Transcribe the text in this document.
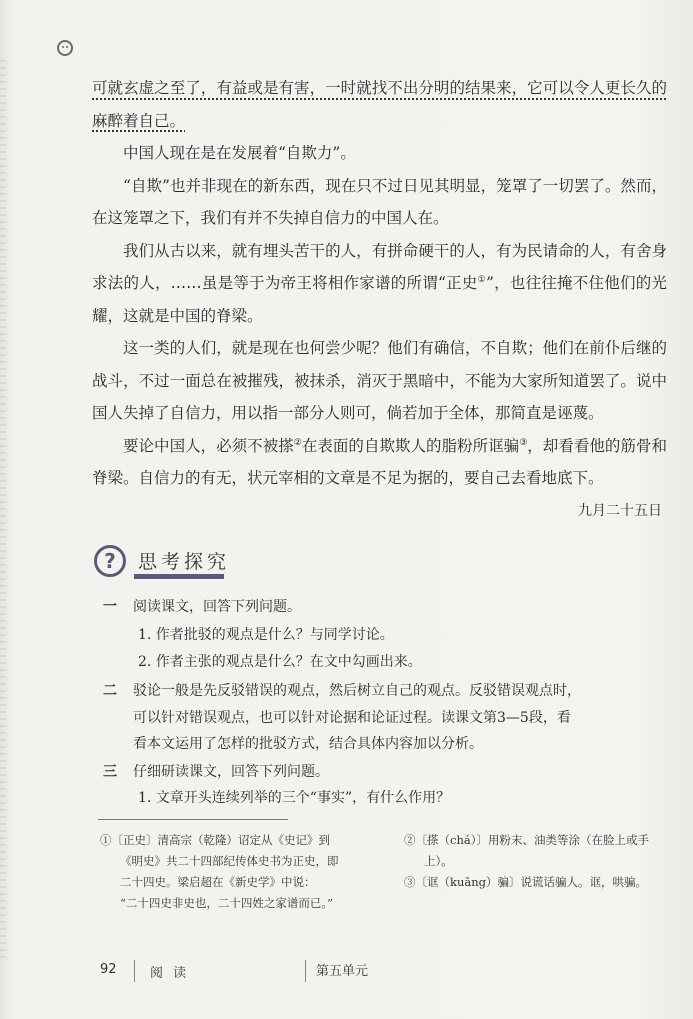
可就玄虚之至了，有益或是有害，一时就找不出分明的结果来，它可以令人更长久的麻醉着自己。

中国人现在是在发展着“自欺力”。

“自欺”也并非现在的新东西，现在只不过日见其明显，笼罩了一切罢了。然而，在这笼罩之下，我们有并不失掉自信力的中国人在。

我们从古以来，就有埋头苦干的人，有拼命硬干的人，有为民请命的人，有舍身求法的人，……虽是等于为帝王将相作家谱的所谓“正史①”，也往往掩不住他们的光耀，这就是中国的脊梁。

这一类的人们，就是现在也何尝少呢？他们有确信，不自欺；他们在前仆后继的战斗，不过一面总在被摧残，被抹杀，消灭于黑暗中，不能为大家所知道罢了。说中国人失掉了自信力，用以指一部分人则可，倘若加于全体，那简直是诬蔑。

要论中国人，必须不被搽②在表面的自欺欺人的脂粉所诓骗③，却看看他的筋骨和脊梁。自信力的有无，状元宰相的文章是不足为据的，要自己去看地底下。

九月二十五日
?	思考探究
一 阅读课文，回答下列问题。
1. 作者批驳的观点是什么？与同学讨论。
2. 作者主张的观点是什么？在文中勾画出来。
二 驳论一般是先反驳错误的观点，然后树立自己的观点。反驳错误观点时，
可以针对错误观点，也可以针对论据和论证过程。读课文第3—5段，看
看本文运用了怎样的批驳方式，结合具体内容加以分析。
三 仔细研读课文，回答下列问题。
1. 文章开头连续列举的三个“事实”，有什么作用？

①〔正史〕清高宗（乾隆）诏定从《史记》到

《明史》共二十四部纪传体史书为正史，即

二十四史。梁启超在《新史学》中说：

“二十四史非史也，二十四姓之家谱而已。”

②〔搽（chá）〕用粉末、油类等涂（在脸上或手

上）。

③〔诓（kuāng）骗〕说谎话骗人。诓，哄骗。

92	阅 读	第五单元
